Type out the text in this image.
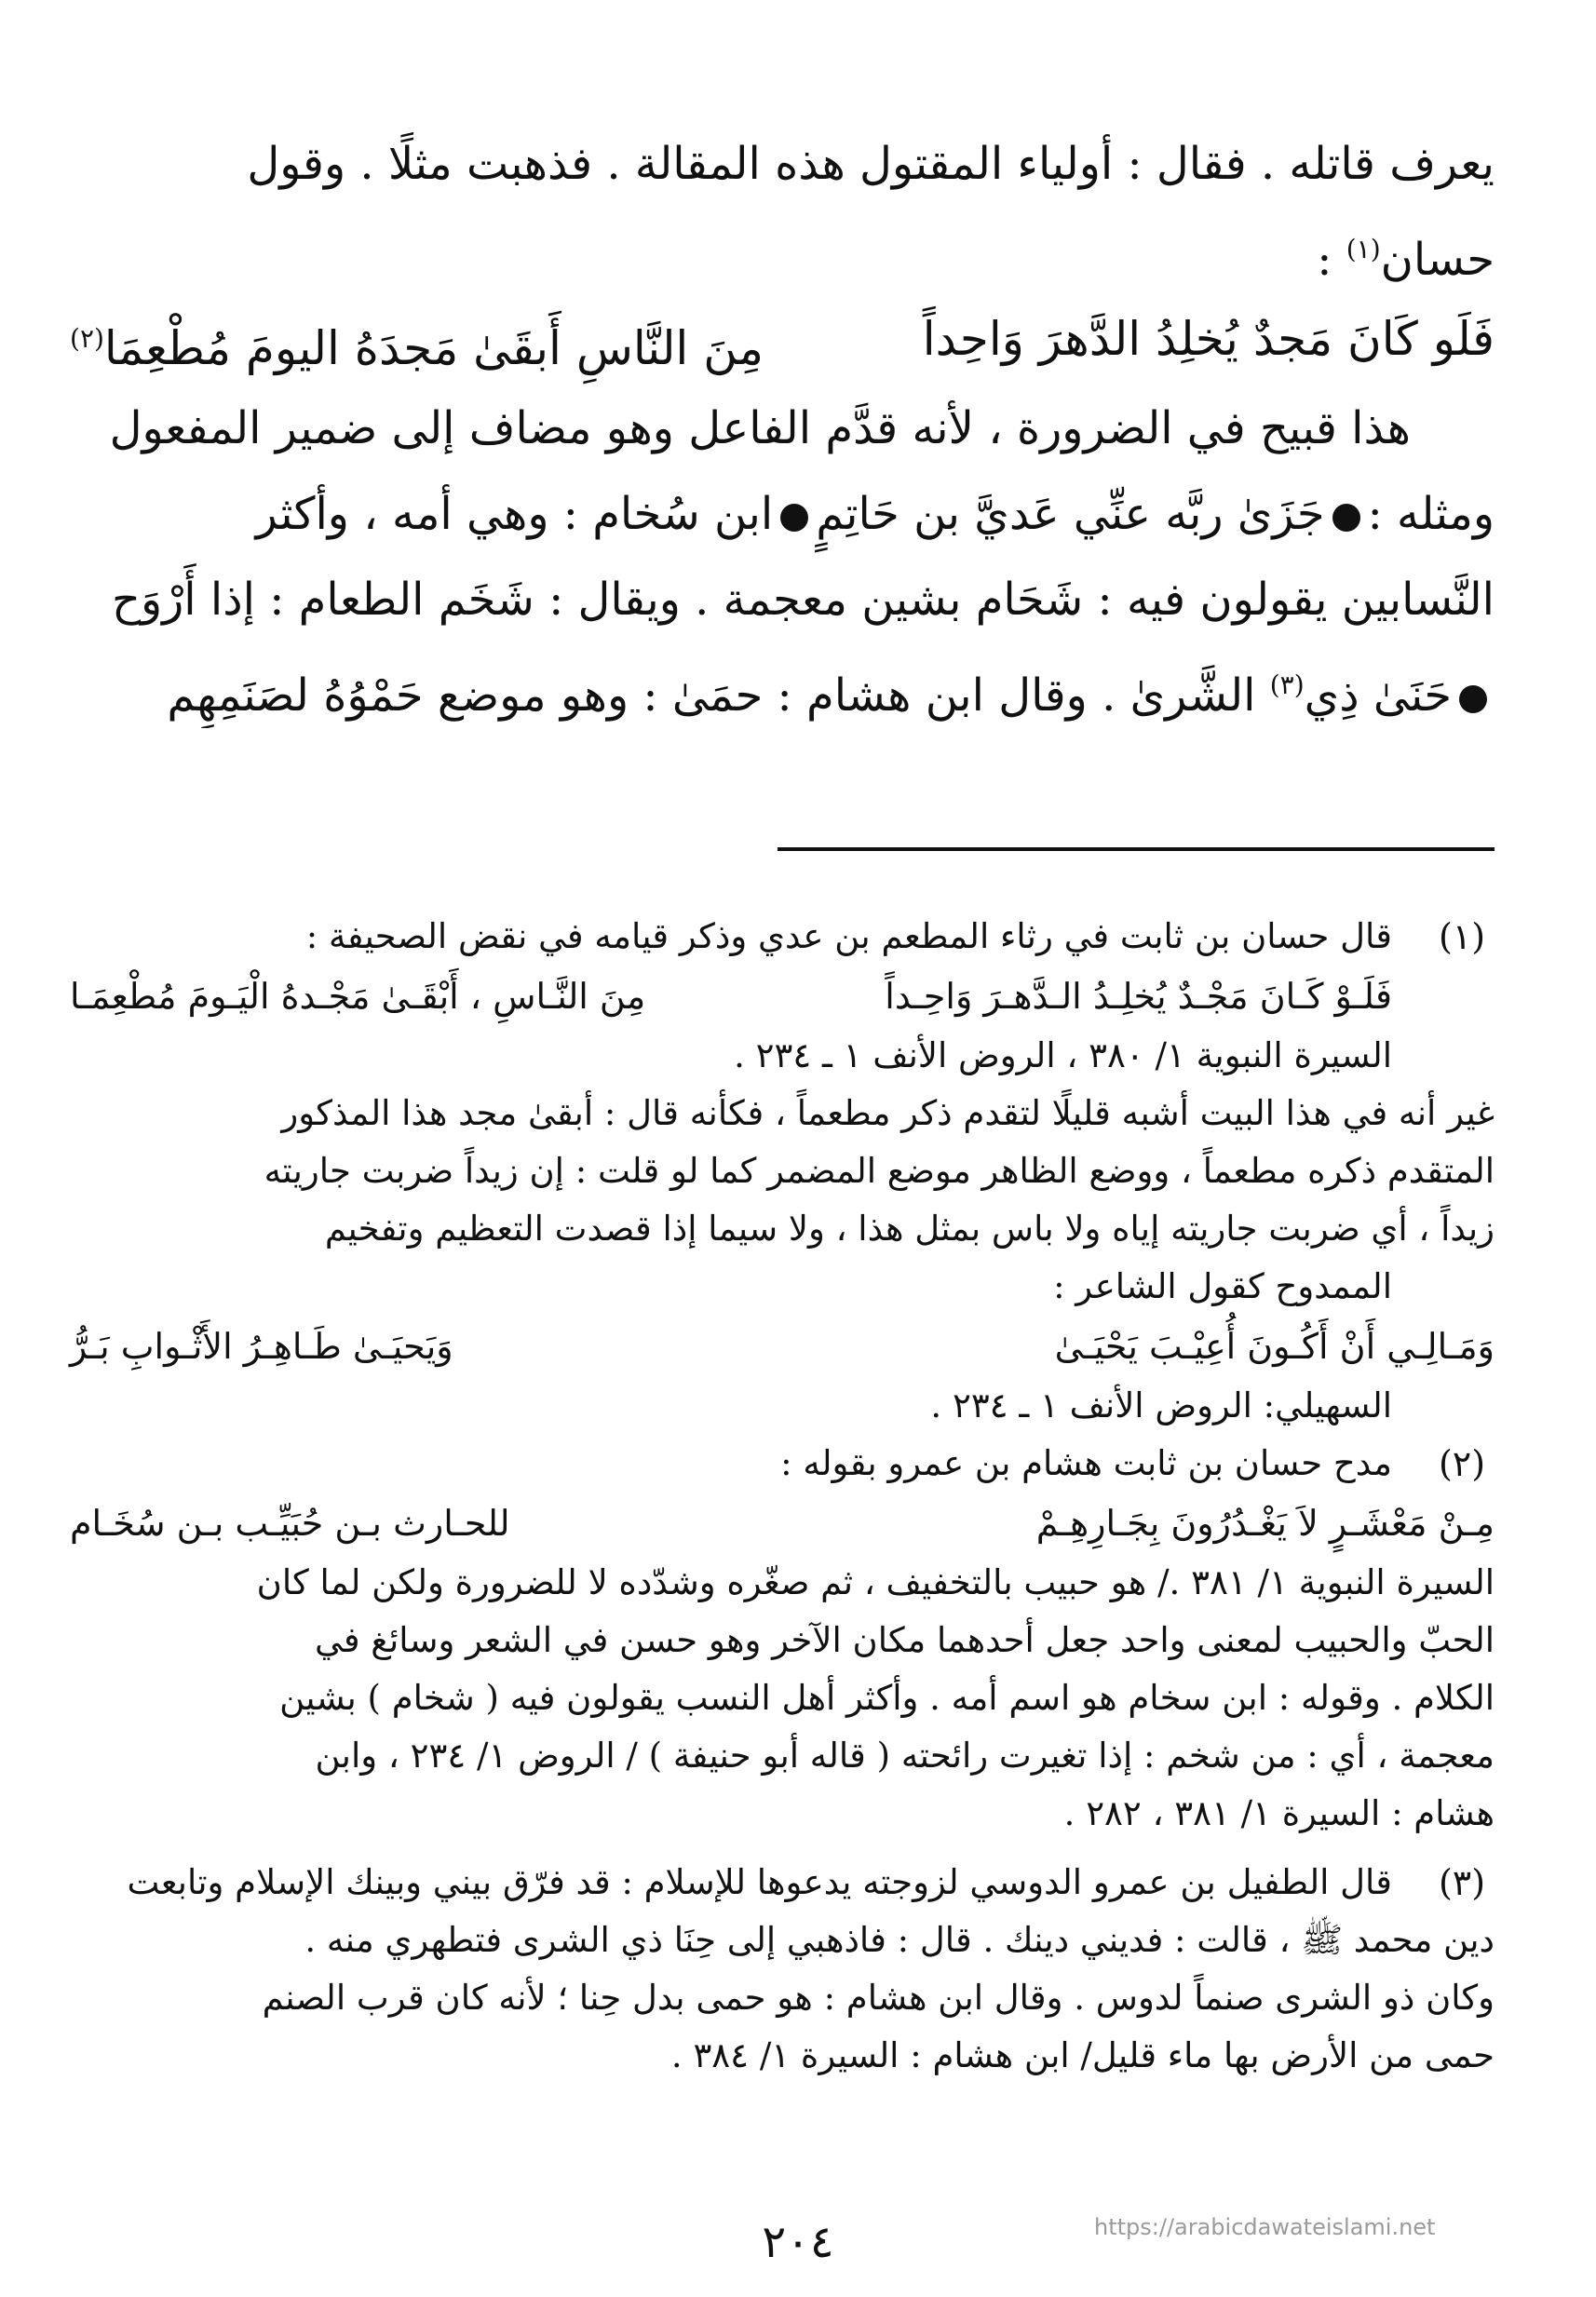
يعرف قاتله . فقال : أولياء المقتول هذه المقالة . فذهبت مثلًا . وقول
حسان$^{(١)}$ :
فَلَو كَانَ مَجدٌ يُخلِدُ الدَّهرَ وَاحِداً
مِنَ النَّاسِ أَبقَىٰ مَجدَهُ اليومَ مُطْعِمَا$^{(٢)}$
هذا قبيح في الضرورة ، لأنه قدَّم الفاعل وهو مضاف إلى ضمير المفعول
ومثله :جَزَىٰ ربَّه عنِّي عَديَّ بن حَاتِمٍابن سُخام : وهي أمه ، وأكثر
النَّسابين يقولون فيه : شَحَام بشين معجمة . ويقال : شَخَم الطعام : إذا أَرْوَح
حَنَىٰ ذِي$^{(٣)}$ الشَّرىٰ . وقال ابن هشام : حمَىٰ : وهو موضع حَمْوُهُ لصَنَمِهِم
(١)
قال حسان بن ثابت في رثاء المطعم بن عدي وذكر قيامه في نقض الصحيفة :
فَلَـوْ كَـانَ مَجْـدٌ يُخلِـدُ الـدَّهـرَ وَاحِـداً
مِنَ النَّـاسِ ، أَبْقَـىٰ مَجْـدهُ الْيَـومَ مُطْعِمَـا
السيرة النبوية ١/ ٣٨٠ ، الروض الأنف ١ ـ ٢٣٤ .
غير أنه في هذا البيت أشبه قليلًا لتقدم ذكر مطعماً ، فكأنه قال : أبقىٰ مجد هذا المذكور
المتقدم ذكره مطعماً ، ووضع الظاهر موضع المضمر كما لو قلت : إن زيداً ضربت جاريته
زيداً ، أي ضربت جاريته إياه ولا باس بمثل هذا ، ولا سيما إذا قصدت التعظيم وتفخيم
الممدوح كقول الشاعر :
وَمَـالِـي أَنْ أَكُـونَ أُعِيْـبَ يَحْيَـىٰ
وَيَحيَـىٰ طَـاهِـرُ الأَثْـوابِ بَـرُّ
السهيلي: الروض الأنف ١ ـ ٢٣٤ .
(٢)
مدح حسان بن ثابت هشام بن عمرو بقوله :
مِـنْ مَعْشَـرٍ لاَ يَغْـدُرُونَ بِجَـارِهِـمْ
للحـارث بـن حُبَيِّـب بـن سُخَـام
السيرة النبوية ١/ ٣٨١ ./ هو حبيب بالتخفيف ، ثم صغّره وشدّده لا للضرورة ولكن لما كان
الحبّ والحبيب لمعنى واحد جعل أحدهما مكان الآخر وهو حسن في الشعر وسائغ في
الكلام . وقوله : ابن سخام هو اسم أمه . وأكثر أهل النسب يقولون فيه ( شخام ) بشين
معجمة ، أي : من شخم : إذا تغيرت رائحته ( قاله أبو حنيفة ) / الروض ١/ ٢٣٤ ، وابن
هشام : السيرة ١/ ٣٨١ ، ٢٨٢ .
(٣)
قال الطفيل بن عمرو الدوسي لزوجته يدعوها للإسلام : قد فرّق بيني وبينك الإسلام وتابعت
دين محمد ﷺ ، قالت : فديني دينك . قال : فاذهبي إلى حِنَا ذي الشرى فتطهري منه .
وكان ذو الشرى صنماً لدوس . وقال ابن هشام : هو حمى بدل حِنا ؛ لأنه كان قرب الصنم
حمى من الأرض بها ماء قليل/ ابن هشام : السيرة ١/ ٣٨٤ .
٢٠٤	https://arabicdawateislami.net
